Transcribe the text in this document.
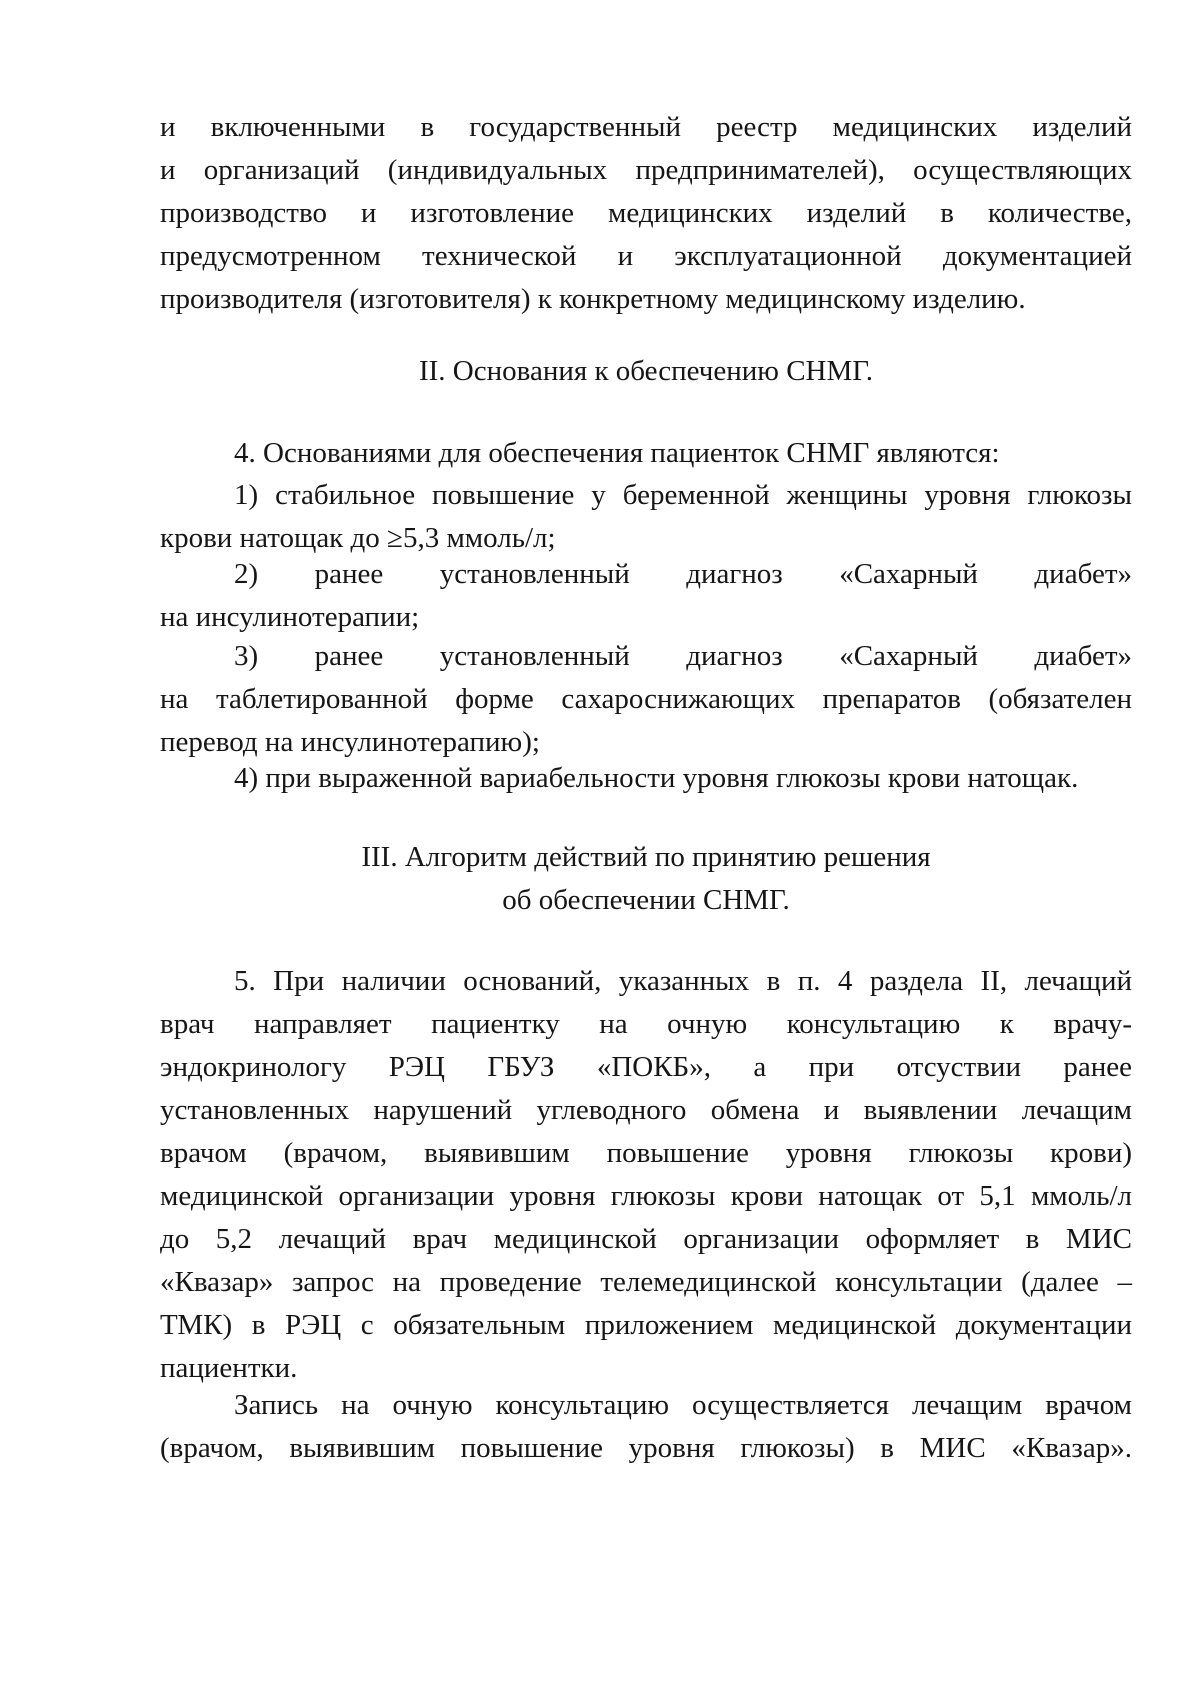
и включенными в государственный реестр медицинских изделий
и организаций (индивидуальных предпринимателей), осуществляющих
производство и изготовление медицинских изделий в количестве,
предусмотренном технической и эксплуатационной документацией
производителя (изготовителя) к конкретному медицинскому изделию.
II. Основания к обеспечению СНМГ.
4. Основаниями для обеспечения пациенток СНМГ являются:
1) стабильное повышение у беременной женщины уровня глюкозы
крови натощак до ≥5,3 ммоль/л;
2) ранее установленный диагноз «Сахарный диабет»
на инсулинотерапии;
3) ранее установленный диагноз «Сахарный диабет»
на таблетированной форме сахароснижающих препаратов (обязателен
перевод на инсулинотерапию);
4) при выраженной вариабельности уровня глюкозы крови натощак.
III. Алгоритм действий по принятию решения
об обеспечении СНМГ.
5. При наличии оснований, указанных в п. 4 раздела II, лечащий
врач направляет пациентку на очную консультацию к врачу-
эндокринологу РЭЦ ГБУЗ «ПОКБ», а при отсуствии ранее
установленных нарушений углеводного обмена и выявлении лечащим
врачом (врачом, выявившим повышение уровня глюкозы крови)
медицинской организации уровня глюкозы крови натощак от 5,1 ммоль/л
до 5,2 лечащий врач медицинской организации оформляет в МИС
«Квазар» запрос на проведение телемедицинской консультации (далее –
ТМК) в РЭЦ с обязательным приложением медицинской документации
пациентки.
Запись на очную консультацию осуществляется лечащим врачом
(врачом, выявившим повышение уровня глюкозы) в МИС «Квазар».
